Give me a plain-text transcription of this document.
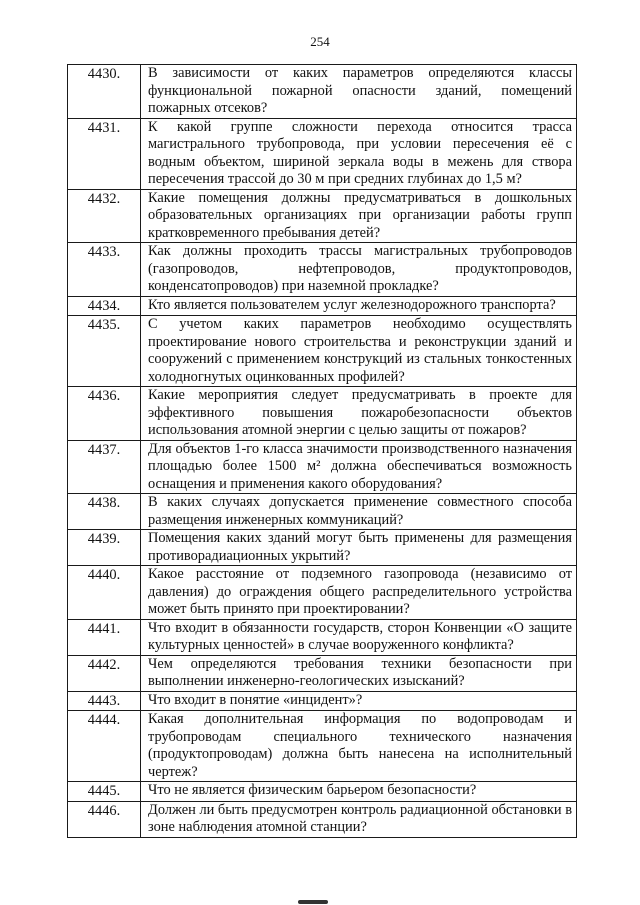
254
4430.	В зависимости от каких параметров определяются классы функциональной пожарной опасности зданий, помещений пожарных отсеков?
4431.	К какой группе сложности перехода относится трасса магистрального трубопровода, при условии пересечения её с водным объектом, шириной зеркала воды в межень для створа пересечения трассой до 30 м при средних глубинах до 1,5 м?
4432.	Какие помещения должны предусматриваться в дошкольных образовательных организациях при организации работы групп кратковременного пребывания детей?
4433.	Как должны проходить трассы магистральных трубопроводов (газопроводов, нефтепроводов, продуктопроводов, конденсатопроводов) при наземной прокладке?
4434.	Кто является пользователем услуг железнодорожного транспорта?
4435.	С учетом каких параметров необходимо осуществлять проектирование нового строительства и реконструкции зданий и сооружений с применением конструкций из стальных тонкостенных холодногнутых оцинкованных профилей?
4436.	Какие мероприятия следует предусматривать в проекте для эффективного повышения пожаробезопасности объектов использования атомной энергии с целью защиты от пожаров?
4437.	Для объектов 1-го класса значимости производственного назначения площадью более 1500 м² должна обеспечиваться возможность оснащения и применения какого оборудования?
4438.	В каких случаях допускается применение совместного способа размещения инженерных коммуникаций?
4439.	Помещения каких зданий могут быть применены для размещения противорадиационных укрытий?
4440.	Какое расстояние от подземного газопровода (независимо от давления) до ограждения общего распределительного устройства может быть принято при проектировании?
4441.	Что входит в обязанности государств, сторон Конвенции «О защите культурных ценностей» в случае вооруженного конфликта?
4442.	Чем определяются требования техники безопасности при выполнении инженерно-геологических изысканий?
4443.	Что входит в понятие «инцидент»?
4444.	Какая дополнительная информация по водопроводам и трубопроводам специального технического назначения (продуктопроводам) должна быть нанесена на исполнительный чертеж?
4445.	Что не является физическим барьером безопасности?
4446.	Должен ли быть предусмотрен контроль радиационной обстановки в зоне наблюдения атомной станции?
